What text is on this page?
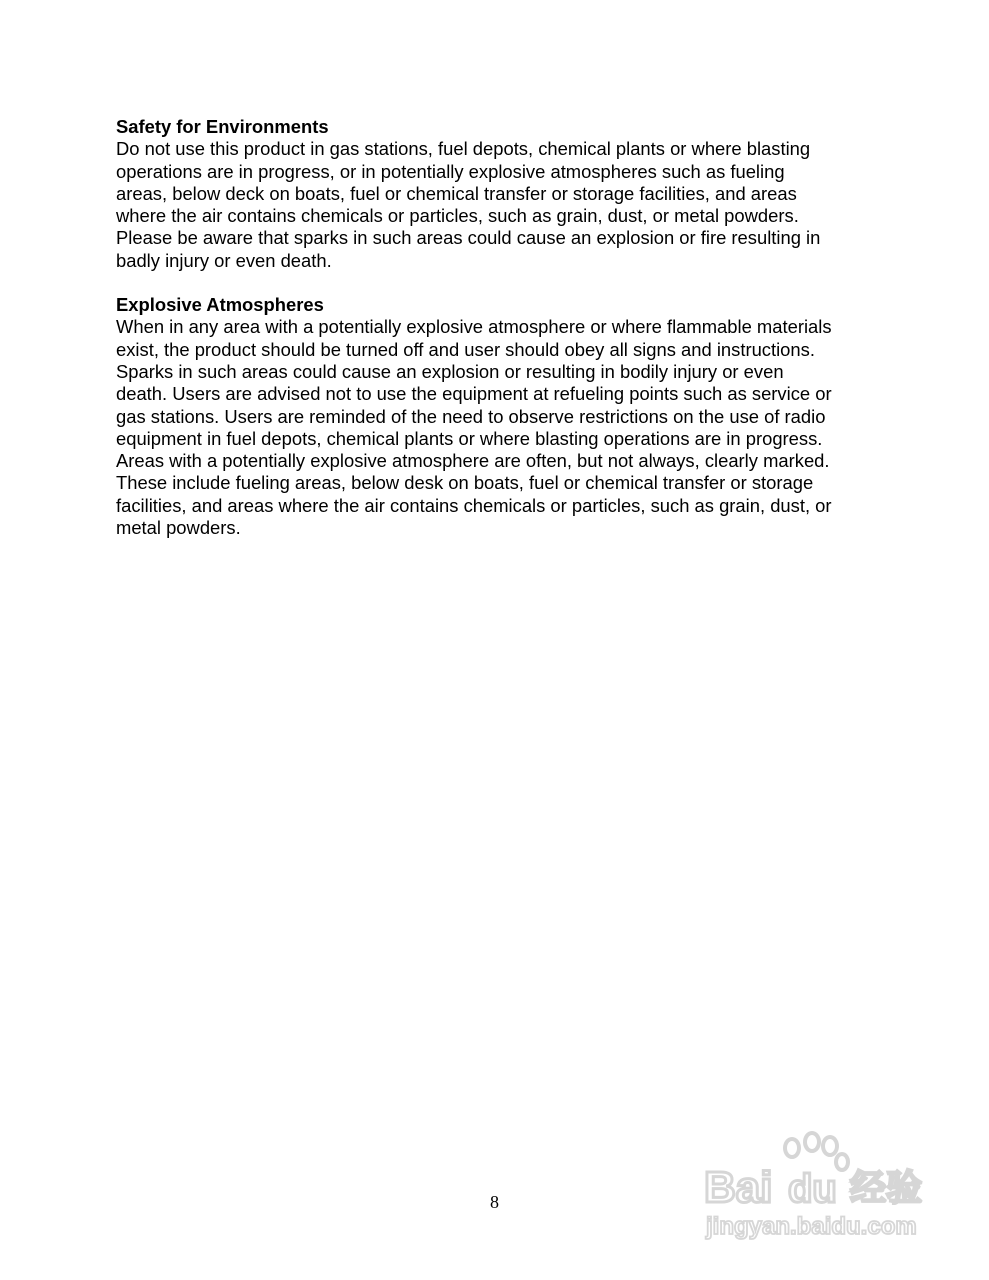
Safety for Environments

Do not use this product in gas stations, fuel depots, chemical plants or where blasting
operations are in progress, or in potentially explosive atmospheres such as fueling
areas, below deck on boats, fuel or chemical transfer or storage facilities, and areas
where the air contains chemicals or particles, such as grain, dust, or metal powders.
Please be aware that sparks in such areas could cause an explosion or fire resulting in
badly injury or even death.

Explosive Atmospheres

When in any area with a potentially explosive atmosphere or where flammable materials
exist, the product should be turned off and user should obey all signs and instructions.
Sparks in such areas could cause an explosion or resulting in bodily injury or even
death. Users are advised not to use the equipment at refueling points such as service or
gas stations. Users are reminded of the need to observe restrictions on the use of radio
equipment in fuel depots, chemical plants or where blasting operations are in progress.
Areas with a potentially explosive atmosphere are often, but not always, clearly marked.
These include fueling areas, below desk on boats, fuel or chemical transfer or storage
facilities, and areas where the air contains chemicals or particles, such as grain, dust, or
metal powders.

8	Bai du 经验
jingyan.baidu.com
